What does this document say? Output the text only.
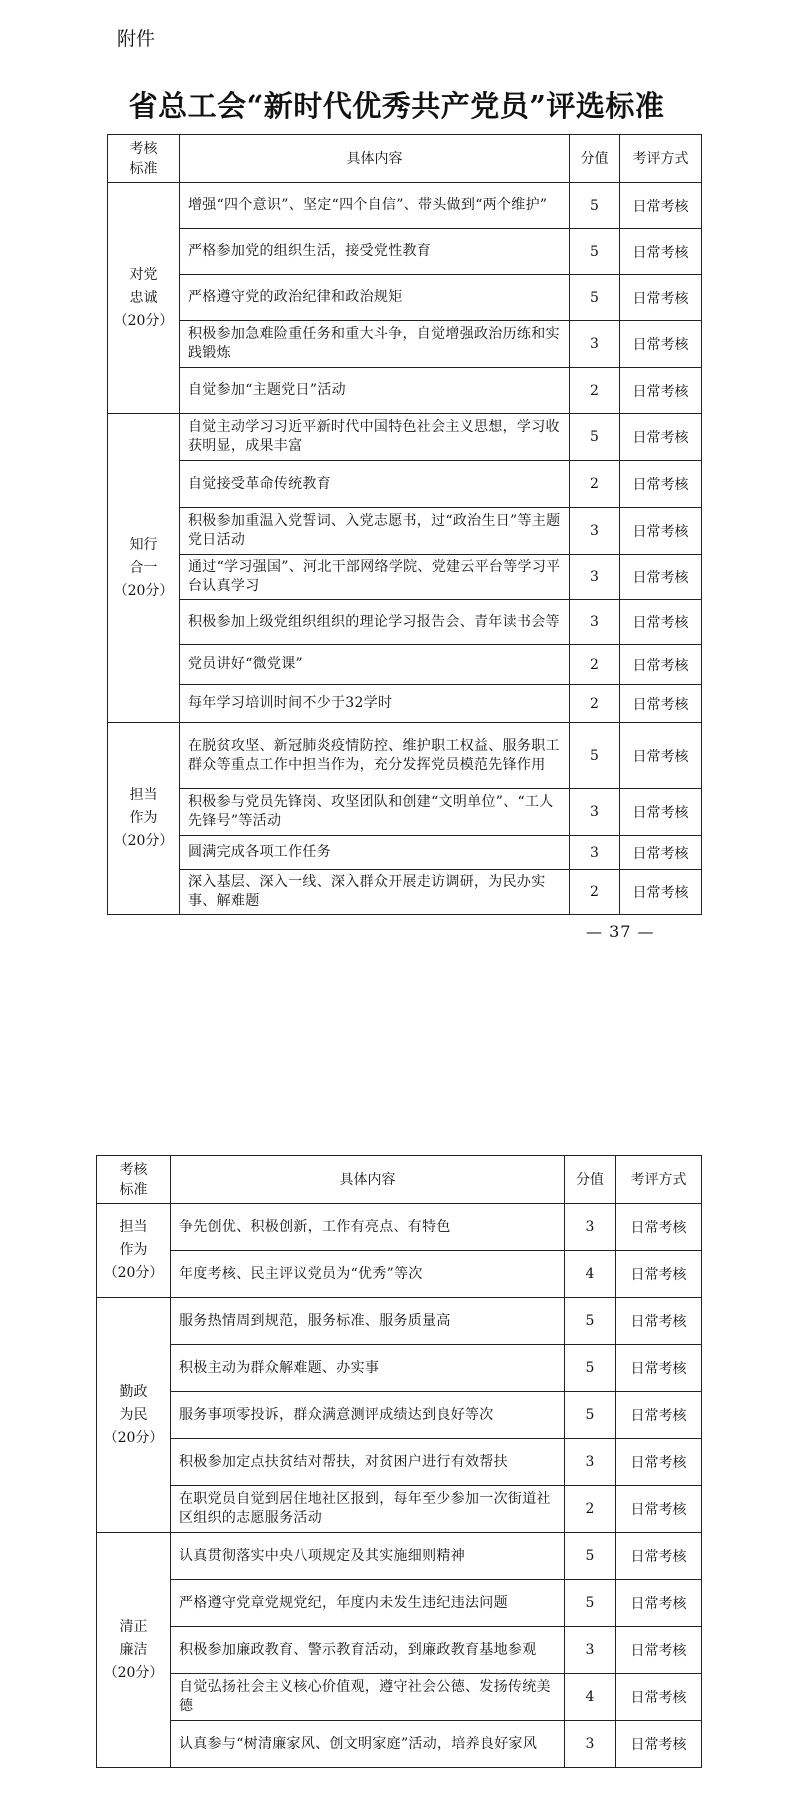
附件
省总工会“新时代优秀共产党员”评选标准
考核
标准	具体内容	分值	考评方式

对党
忠诚
（20分）	增强“四个意识”、坚定“四个自信”、带头做到“两个维护”	5	日常考核
	严格参加党的组织生活，接受党性教育	5	日常考核
	严格遵守党的政治纪律和政治规矩	5	日常考核
	积极参加急难险重任务和重大斗争，自觉增强政治历练和实践锻炼	3	日常考核
	自觉参加“主题党日”活动	2	日常考核

知行
合一
（20分）	自觉主动学习习近平新时代中国特色社会主义思想，学习收获明显，成果丰富	5	日常考核
	自觉接受革命传统教育	2	日常考核
	积极参加重温入党誓词、入党志愿书，过“政治生日”等主题党日活动	3	日常考核
	通过“学习强国”、河北干部网络学院、党建云平台等学习平台认真学习	3	日常考核
	积极参加上级党组织组织的理论学习报告会、青年读书会等	3	日常考核
	党员讲好“微党课”	2	日常考核
	每年学习培训时间不少于32学时	2	日常考核

担当
作为
（20分）	在脱贫攻坚、新冠肺炎疫情防控、维护职工权益、服务职工群众等重点工作中担当作为，充分发挥党员模范先锋作用	5	日常考核
	积极参与党员先锋岗、攻坚团队和创建“文明单位”、“工人先锋号”等活动	3	日常考核
	圆满完成各项工作任务	3	日常考核
	深入基层、深入一线、深入群众开展走访调研，为民办实事、解难题	2	日常考核
— 37 —
考核
标准	具体内容	分值	考评方式

担当
作为
（20分）	争先创优、积极创新，工作有亮点、有特色	3	日常考核
	年度考核、民主评议党员为“优秀”等次	4	日常考核

勤政
为民
（20分）	服务热情周到规范，服务标准、服务质量高	5	日常考核
	积极主动为群众解难题、办实事	5	日常考核
	服务事项零投诉，群众满意测评成绩达到良好等次	5	日常考核
	积极参加定点扶贫结对帮扶，对贫困户进行有效帮扶	3	日常考核
	在职党员自觉到居住地社区报到，每年至少参加一次街道社区组织的志愿服务活动	2	日常考核

清正
廉洁
（20分）	认真贯彻落实中央八项规定及其实施细则精神	5	日常考核
	严格遵守党章党规党纪，年度内未发生违纪违法问题	5	日常考核
	积极参加廉政教育、警示教育活动，到廉政教育基地参观	3	日常考核
	自觉弘扬社会主义核心价值观，遵守社会公德、发扬传统美德	4	日常考核
	认真参与“树清廉家风、创文明家庭”活动，培养良好家风	3	日常考核
